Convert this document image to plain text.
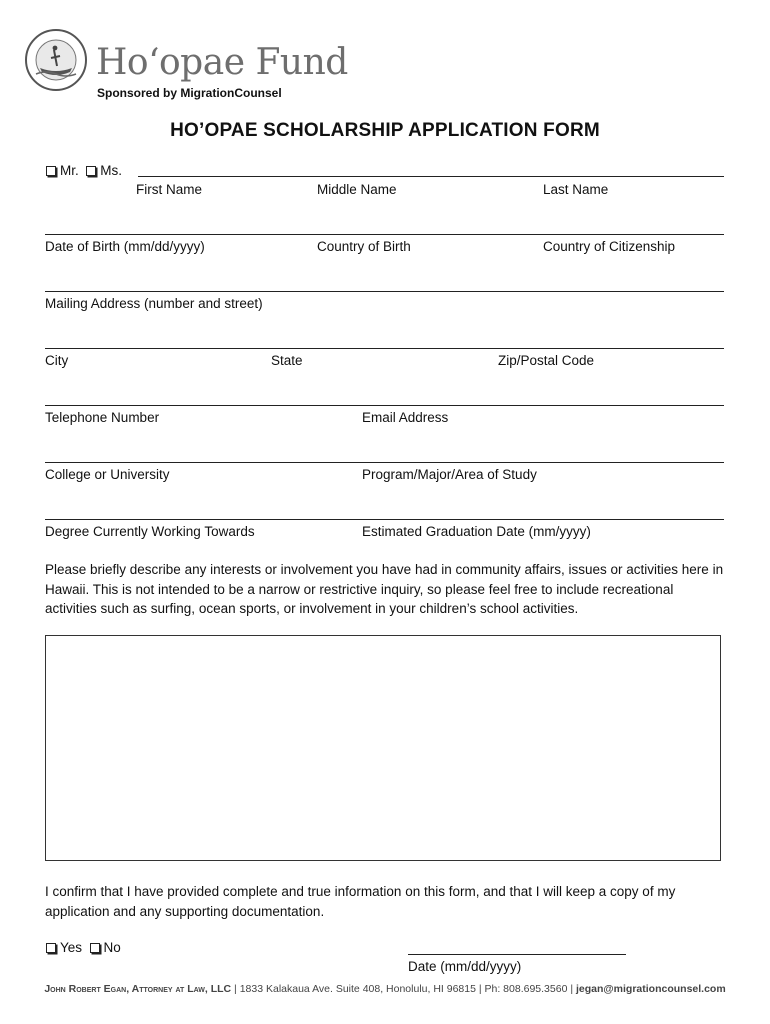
Ho‘opae Fund
Sponsored by MigrationCounsel
HO’OPAE SCHOLARSHIP APPLICATION FORM
Mr. Ms.
First Name	Middle Name	Last Name
Date of Birth (mm/dd/yyyy)	Country of Birth	Country of Citizenship
Mailing Address (number and street)
City	State	Zip/Postal Code
Telephone Number	Email Address
College or University	Program/Major/Area of Study
Degree Currently Working Towards	Estimated Graduation Date (mm/yyyy)
Please briefly describe any interests or involvement you have had in community affairs, issues or activities here in Hawaii. This is not intended to be a narrow or restrictive inquiry, so please feel free to include recreational activities such as surfing, ocean sports, or involvement in your children’s school activities.
I confirm that I have provided complete and true information on this form, and that I will keep a copy of my application and any supporting documentation.
Yes No
Date (mm/dd/yyyy)
John Robert Egan, Attorney at Law, LLC | 1833 Kalakaua Ave. Suite 408, Honolulu, HI 96815 | Ph: 808.695.3560 | jegan@migrationcounsel.com
